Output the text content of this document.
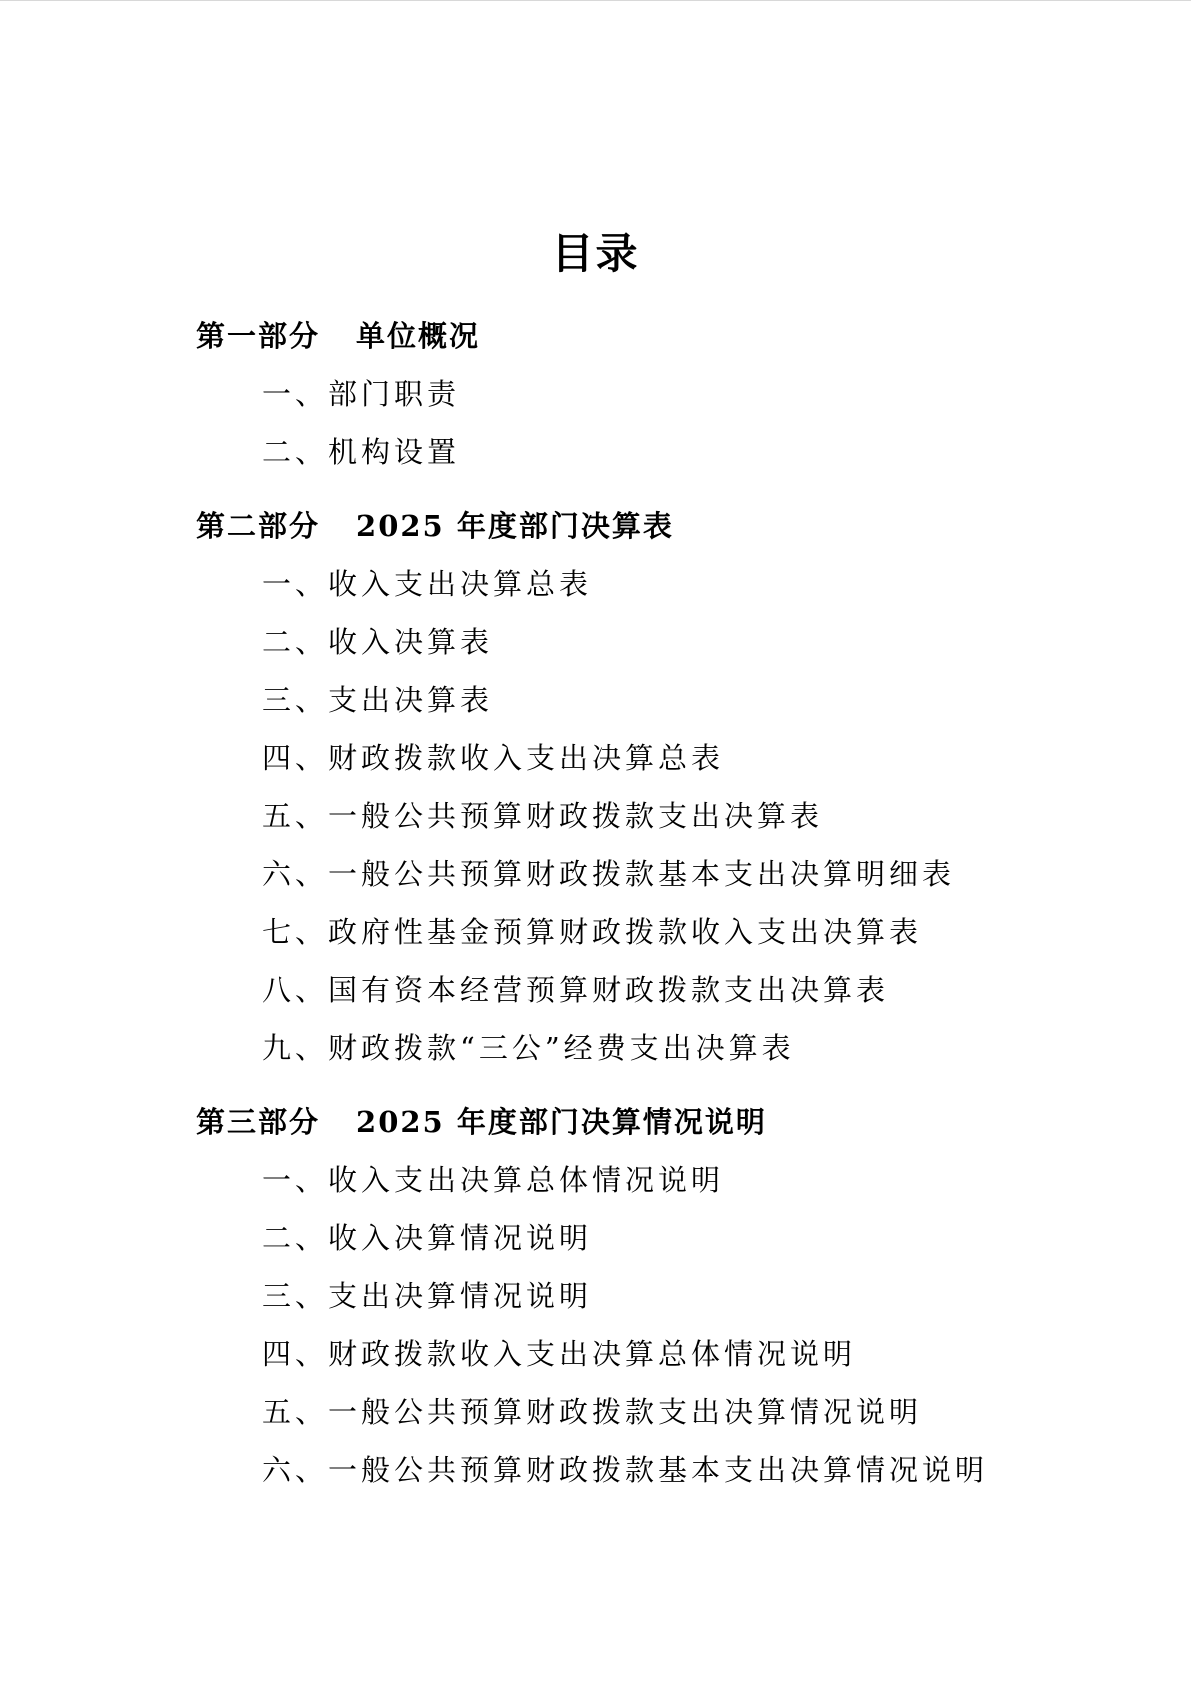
目录
第一部分 单位概况
一、部门职责
二、机构设置
第二部分 2025 年度部门决算表
一、收入支出决算总表
二、收入决算表
三、支出决算表
四、财政拨款收入支出决算总表
五、一般公共预算财政拨款支出决算表
六、一般公共预算财政拨款基本支出决算明细表
七、政府性基金预算财政拨款收入支出决算表
八、国有资本经营预算财政拨款支出决算表
九、财政拨款“三公”经费支出决算表
第三部分 2025 年度部门决算情况说明
一、收入支出决算总体情况说明
二、收入决算情况说明
三、支出决算情况说明
四、财政拨款收入支出决算总体情况说明
五、一般公共预算财政拨款支出决算情况说明
六、一般公共预算财政拨款基本支出决算情况说明
